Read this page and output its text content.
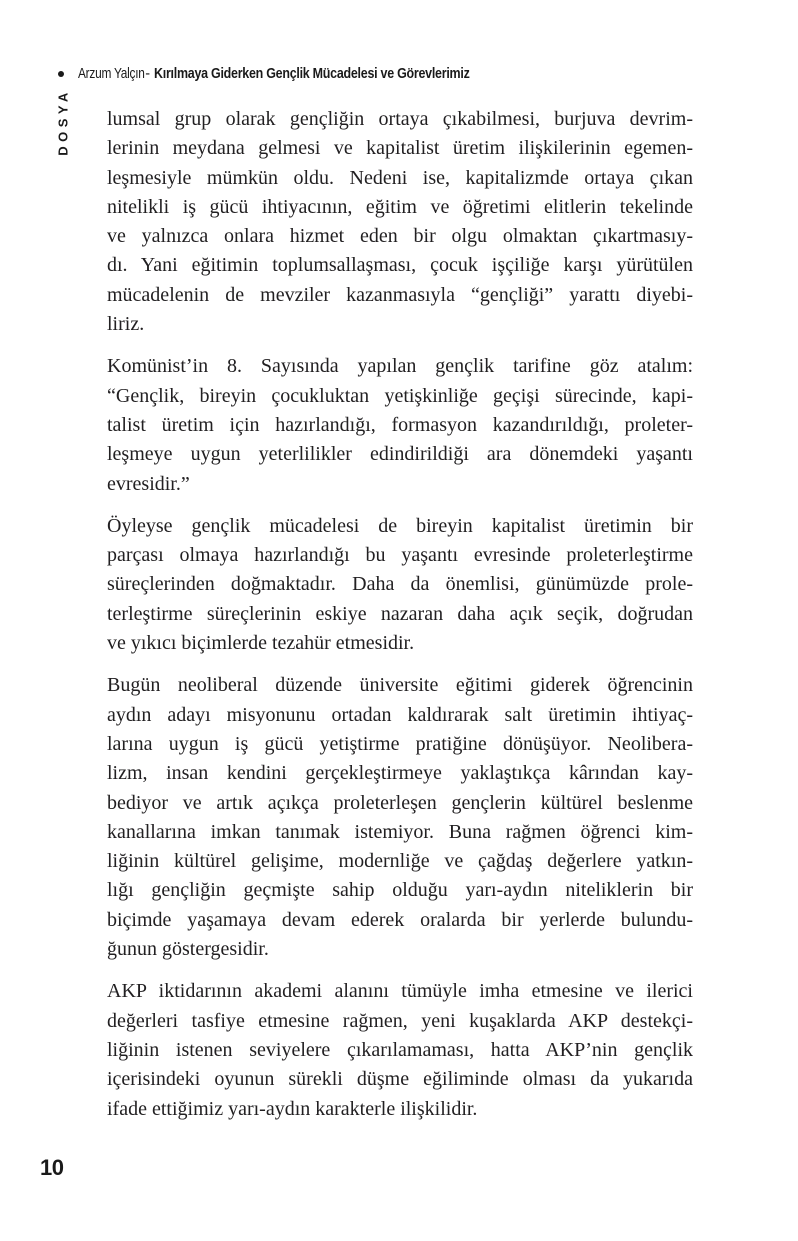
Arzum Yalçın - Kırılmaya Giderken Gençlik Mücadelesi ve Görevlerimiz
DOSYA lumsal grup olarak gençliğin ortaya çıkabilmesi, burjuva devrim-
lerinin meydana gelmesi ve kapitalist üretim ilişkilerinin egemen-
leşmesiyle mümkün oldu. Nedeni ise, kapitalizmde ortaya çıkan
nitelikli iş gücü ihtiyacının, eğitim ve öğretimi elitlerin tekelinde
ve yalnızca onlara hizmet eden bir olgu olmaktan çıkartmasıy-
dı. Yani eğitimin toplumsallaşması, çocuk işçiliğe karşı yürütülen
mücadelenin de mevziler kazanmasıyla “gençliği” yarattı diyebi-
liriz.

Komünist’in 8. Sayısında yapılan gençlik tarifine göz atalım:
“Gençlik, bireyin çocukluktan yetişkinliğe geçişi sürecinde, kapi-
talist üretim için hazırlandığı, formasyon kazandırıldığı, proleter-
leşmeye uygun yeterlilikler edindirildiği ara dönemdeki yaşantı
evresidir.”

Öyleyse gençlik mücadelesi de bireyin kapitalist üretimin bir
parçası olmaya hazırlandığı bu yaşantı evresinde proleterleştirme
süreçlerinden doğmaktadır. Daha da önemlisi, günümüzde prole-
terleştirme süreçlerinin eskiye nazaran daha açık seçik, doğrudan
ve yıkıcı biçimlerde tezahür etmesidir.

Bugün neoliberal düzende üniversite eğitimi giderek öğrencinin
aydın adayı misyonunu ortadan kaldırarak salt üretimin ihtiyaç-
larına uygun iş gücü yetiştirme pratiğine dönüşüyor. Neolibera-
lizm, insan kendini gerçekleştirmeye yaklaştıkça kârından kay-
bediyor ve artık açıkça proleterleşen gençlerin kültürel beslenme
kanallarına imkan tanımak istemiyor. Buna rağmen öğrenci kim-
liğinin kültürel gelişime, modernliğe ve çağdaş değerlere yatkın-
lığı gençliğin geçmişte sahip olduğu yarı-aydın niteliklerin bir
biçimde yaşamaya devam ederek oralarda bir yerlerde bulundu-
ğunun göstergesidir.

AKP iktidarının akademi alanını tümüyle imha etmesine ve ilerici
değerleri tasfiye etmesine rağmen, yeni kuşaklarda AKP destekçi-
liğinin istenen seviyelere çıkarılamaması, hatta AKP’nin gençlik
içerisindeki oyunun sürekli düşme eğiliminde olması da yukarıda
ifade ettiğimiz yarı-aydın karakterle ilişkilidir.

10
